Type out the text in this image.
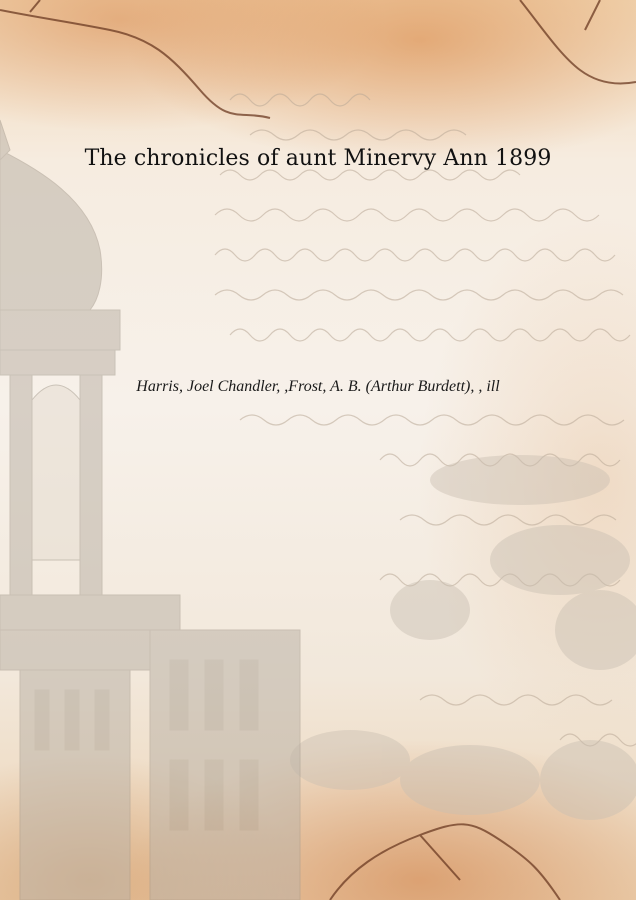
The chronicles of aunt Minervy Ann 1899
Harris, Joel Chandler, ,Frost, A. B. (Arthur Burdett), , ill
